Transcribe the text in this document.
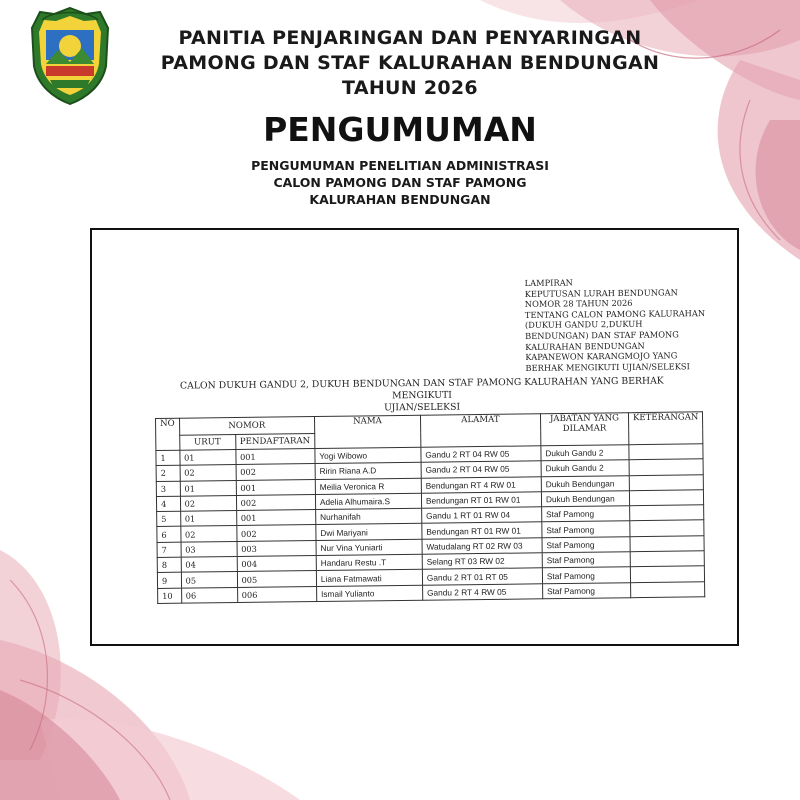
PANITIA PENJARINGAN DAN PENYARINGAN
PAMONG DAN STAF KALURAHAN BENDUNGAN
TAHUN 2026
PENGUMUMAN
PENGUMUMAN PENELITIAN ADMINISTRASI
CALON PAMONG DAN STAF PAMONG
KALURAHAN BENDUNGAN
LAMPIRAN
KEPUTUSAN LURAH BENDUNGAN
NOMOR 28 TAHUN 2026
TENTANG CALON PAMONG KALURAHAN
(DUKUH GANDU 2,DUKUH
BENDUNGAN) DAN STAF PAMONG
KALURAHAN BENDUNGAN
KAPANEWON KARANGMOJO YANG
BERHAK MENGIKUTI UJIAN/SELEKSI
CALON DUKUH GANDU 2, DUKUH BENDUNGAN DAN STAF PAMONG KALURAHAN YANG BERHAK MENGIKUTI
UJIAN/SELEKSI
NO	NOMOR		NAMA	ALAMAT	JABATAN YANG DILAMAR	KETERANGAN
	URUT	PENDAFTARAN				
1	01	001	Yogi Wibowo	Gandu 2 RT 04 RW 05	Dukuh Gandu 2	
2	02	002	Ririn Riana A.D	Gandu 2 RT 04 RW 05	Dukuh Gandu 2	
3	01	001	Meilia Veronica R	Bendungan RT 4 RW 01	Dukuh Bendungan	
4	02	002	Adelia Alhumaira.S	Bendungan RT 01 RW 01	Dukuh Bendungan	
5	01	001	Nurhanifah	Gandu 1 RT 01 RW 04	Staf Pamong	
6	02	002	Dwi Mariyani	Bendungan RT 01 RW 01	Staf Pamong	
7	03	003	Nur Vina Yuniarti	Watudalang RT 02 RW 03	Staf Pamong	
8	04	004	Handaru Restu .T	Selang RT 03 RW 02	Staf Pamong	
9	05	005	Liana Fatmawati	Gandu 2 RT 01 RT 05	Staf Pamong	
10	06	006	Ismail Yulianto	Gandu 2 RT 4 RW 05	Staf Pamong	
